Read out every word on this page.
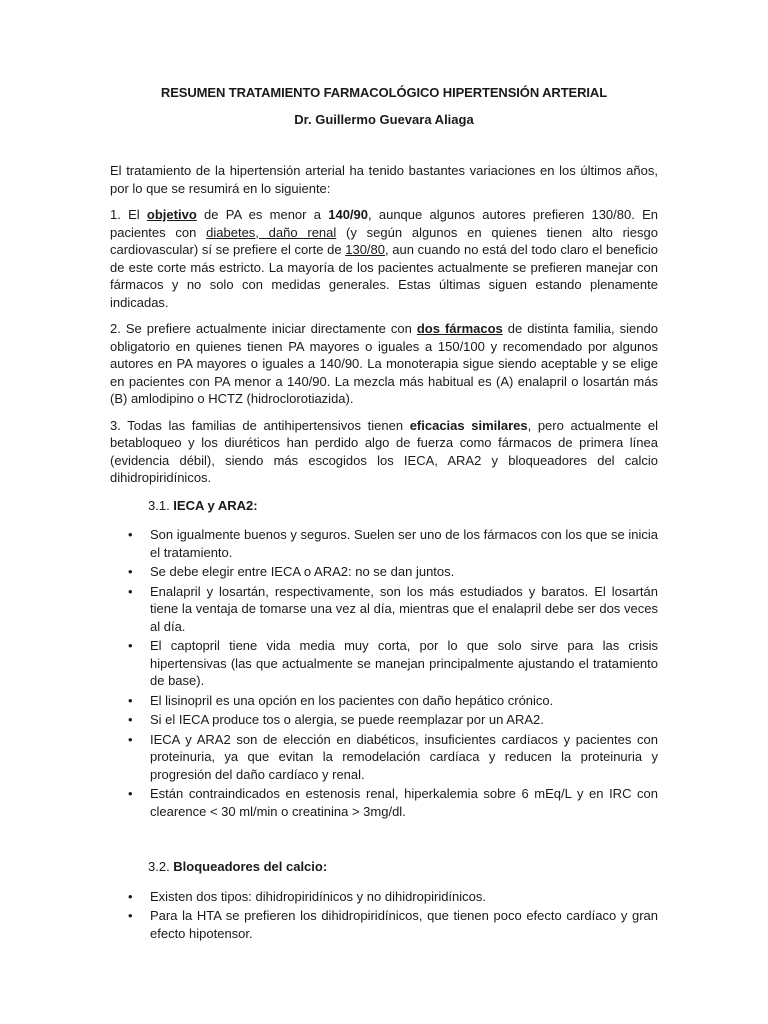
RESUMEN TRATAMIENTO FARMACOLÓGICO HIPERTENSIÓN ARTERIAL
Dr. Guillermo Guevara Aliaga

El tratamiento de la hipertensión arterial ha tenido bastantes variaciones en los últimos años, por lo que se resumirá en lo siguiente:

1. El objetivo de PA es menor a 140/90, aunque algunos autores prefieren 130/80. En pacientes con diabetes, daño renal (y según algunos en quienes tienen alto riesgo cardiovascular) sí se prefiere el corte de 130/80, aun cuando no está del todo claro el beneficio de este corte más estricto. La mayoría de los pacientes actualmente se prefieren manejar con fármacos y no solo con medidas generales. Estas últimas siguen estando plenamente indicadas.

2. Se prefiere actualmente iniciar directamente con dos fármacos de distinta familia, siendo obligatorio en quienes tienen PA mayores o iguales a 150/100 y recomendado por algunos autores en PA mayores o iguales a 140/90. La monoterapia sigue siendo aceptable y se elige en pacientes con PA menor a 140/90. La mezcla más habitual es (A) enalapril o losartán más (B) amlodipino o HCTZ (hidroclorotiazida).

3. Todas las familias de antihipertensivos tienen eficacias similares, pero actualmente el betabloqueo y los diuréticos han perdido algo de fuerza como fármacos de primera línea (evidencia débil), siendo más escogidos los IECA, ARA2 y bloqueadores del calcio dihidropiridínicos.

3.1. IECA y ARA2:
• Son igualmente buenos y seguros. Suelen ser uno de los fármacos con los que se inicia el tratamiento.
• Se debe elegir entre IECA o ARA2: no se dan juntos.
• Enalapril y losartán, respectivamente, son los más estudiados y baratos. El losartán tiene la ventaja de tomarse una vez al día, mientras que el enalapril debe ser dos veces al día.
• El captopril tiene vida media muy corta, por lo que solo sirve para las crisis hipertensivas (las que actualmente se manejan principalmente ajustando el tratamiento de base).
• El lisinopril es una opción en los pacientes con daño hepático crónico.
• Si el IECA produce tos o alergia, se puede reemplazar por un ARA2.
• IECA y ARA2 son de elección en diabéticos, insuficientes cardíacos y pacientes con proteinuria, ya que evitan la remodelación cardíaca y reducen la proteinuria y progresión del daño cardíaco y renal.
• Están contraindicados en estenosis renal, hiperkalemia sobre 6 mEq/L y en IRC con clearence < 30 ml/min o creatinina > 3mg/dl.
3.2. Bloqueadores del calcio:
• Existen dos tipos: dihidropiridínicos y no dihidropiridínicos.
• Para la HTA se prefieren los dihidropiridínicos, que tienen poco efecto cardíaco y gran efecto hipotensor.
